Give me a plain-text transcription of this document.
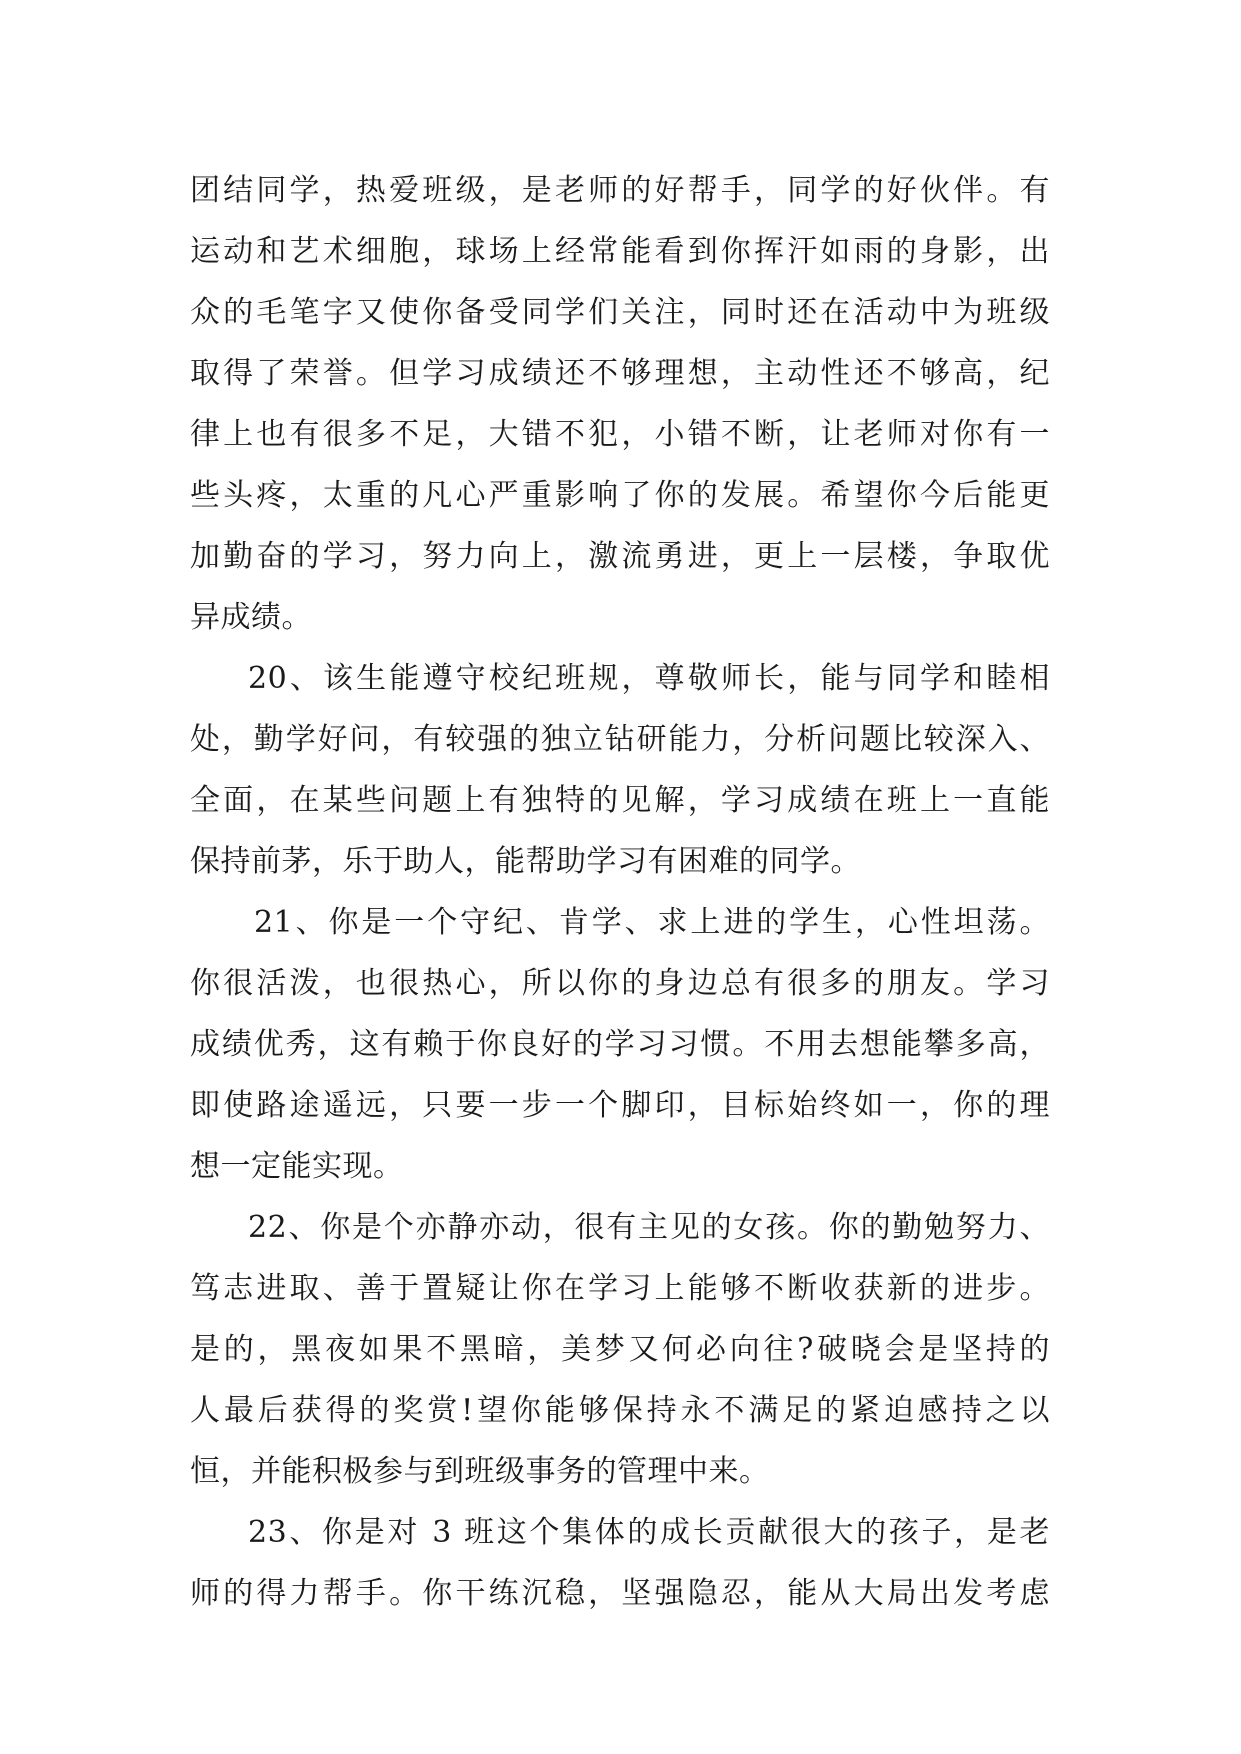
团结同学，热爱班级，是老师的好帮手，同学的好伙伴。有
运动和艺术细胞，球场上经常能看到你挥汗如雨的身影，出
众的毛笔字又使你备受同学们关注，同时还在活动中为班级
取得了荣誉。但学习成绩还不够理想，主动性还不够高，纪
律上也有很多不足，大错不犯，小错不断，让老师对你有一
些头疼，太重的凡心严重影响了你的发展。希望你今后能更
加勤奋的学习，努力向上，激流勇进，更上一层楼，争取优
异成绩。
20、该生能遵守校纪班规，尊敬师长，能与同学和睦相
处，勤学好问，有较强的独立钻研能力，分析问题比较深入、
全面，在某些问题上有独特的见解，学习成绩在班上一直能
保持前茅，乐于助人，能帮助学习有困难的同学。
21、你是一个守纪、肯学、求上进的学生，心性坦荡。
你很活泼，也很热心，所以你的身边总有很多的朋友。学习
成绩优秀，这有赖于你良好的学习习惯。不用去想能攀多高，
即使路途遥远，只要一步一个脚印，目标始终如一，你的理
想一定能实现。
22、你是个亦静亦动，很有主见的女孩。你的勤勉努力、
笃志进取、善于置疑让你在学习上能够不断收获新的进步。
是的，黑夜如果不黑暗，美梦又何必向往?破晓会是坚持的
人最后获得的奖赏!望你能够保持永不满足的紧迫感持之以
恒，并能积极参与到班级事务的管理中来。
23、你是对 3 班这个集体的成长贡献很大的孩子，是老
师的得力帮手。你干练沉稳，坚强隐忍，能从大局出发考虑
